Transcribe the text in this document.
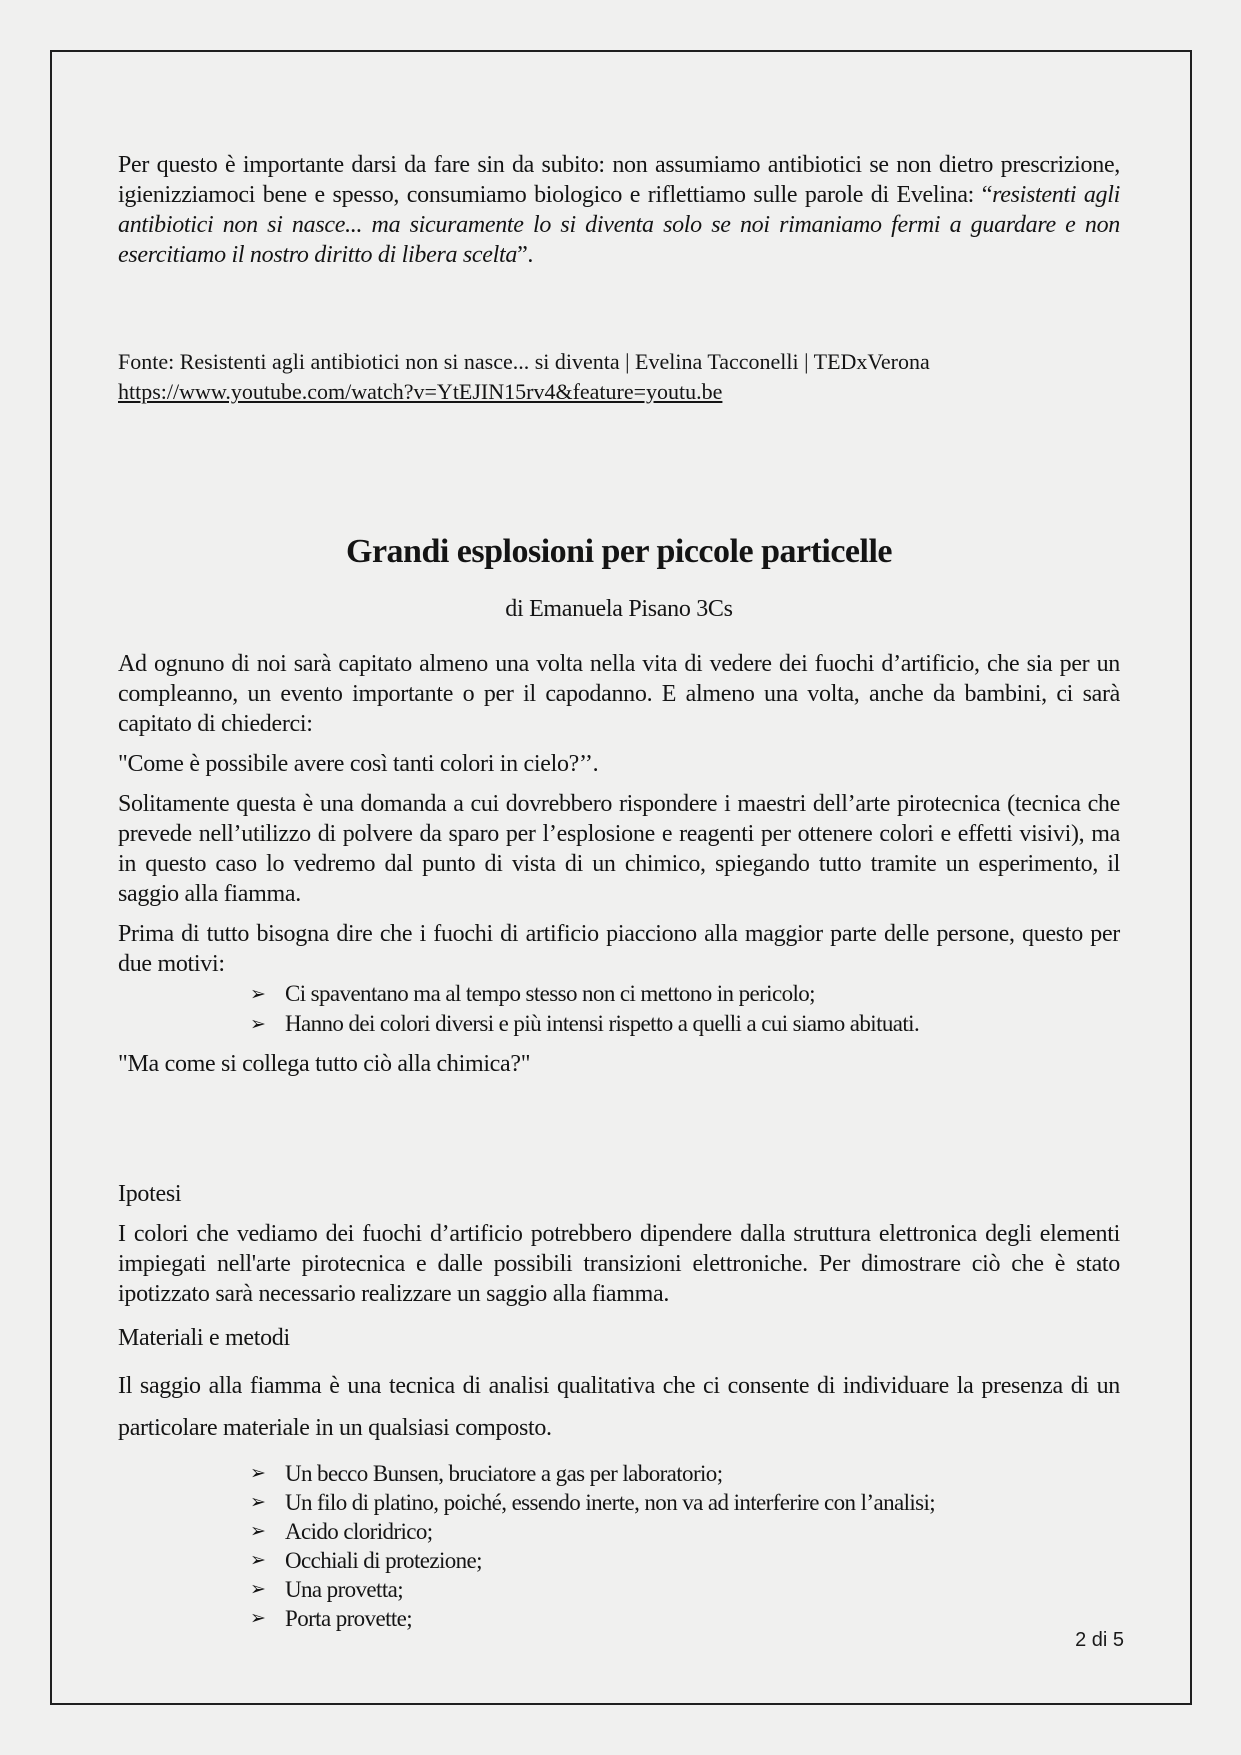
Per questo è importante darsi da fare sin da subito: non assumiamo antibiotici se non dietro prescrizione, igienizziamoci bene e spesso, consumiamo biologico e riflettiamo sulle parole di Evelina: “resistenti agli antibiotici non si nasce... ma sicuramente lo si diventa solo se noi rimaniamo fermi a guardare e non esercitiamo il nostro diritto di libera scelta”.

Fonte: Resistenti agli antibiotici non si nasce... si diventa | Evelina Tacconelli | TEDxVerona
https://www.youtube.com/watch?v=YtEJIN15rv4&feature=youtu.be

Grandi esplosioni per piccole particelle

di Emanuela Pisano 3Cs

Ad ognuno di noi sarà capitato almeno una volta nella vita di vedere dei fuochi d’artificio, che sia per un compleanno, un evento importante o per il capodanno. E almeno una volta, anche da bambini, ci sarà capitato di chiederci:

"Come è possibile avere così tanti colori in cielo?’’.

Solitamente questa è una domanda a cui dovrebbero rispondere i maestri dell’arte pirotecnica (tecnica che prevede nell’utilizzo di polvere da sparo per l’esplosione e reagenti per ottenere colori e effetti visivi), ma in questo caso lo vedremo dal punto di vista di un chimico, spiegando tutto tramite un esperimento, il saggio alla fiamma.

Prima di tutto bisogna dire che i fuochi di artificio piacciono alla maggior parte delle persone, questo per due motivi:

➢ Ci spaventano ma al tempo stesso non ci mettono in pericolo;
➢ Hanno dei colori diversi e più intensi rispetto a quelli a cui siamo abituati.

"Ma come si collega tutto ciò alla chimica?"

Ipotesi

I colori che vediamo dei fuochi d’artificio potrebbero dipendere dalla struttura elettronica degli elementi impiegati nell'arte pirotecnica e dalle possibili transizioni elettroniche. Per dimostrare ciò che è stato ipotizzato sarà necessario realizzare un saggio alla fiamma.

Materiali e metodi

Il saggio alla fiamma è una tecnica di analisi qualitativa che ci consente di individuare la presenza di un particolare materiale in un qualsiasi composto.

➢ Un becco Bunsen, bruciatore a gas per laboratorio;
➢ Un filo di platino, poiché, essendo inerte, non va ad interferire con l’analisi;
➢ Acido cloridrico;
➢ Occhiali di protezione;
➢ Una provetta;
➢ Porta provette;
2 di 5
